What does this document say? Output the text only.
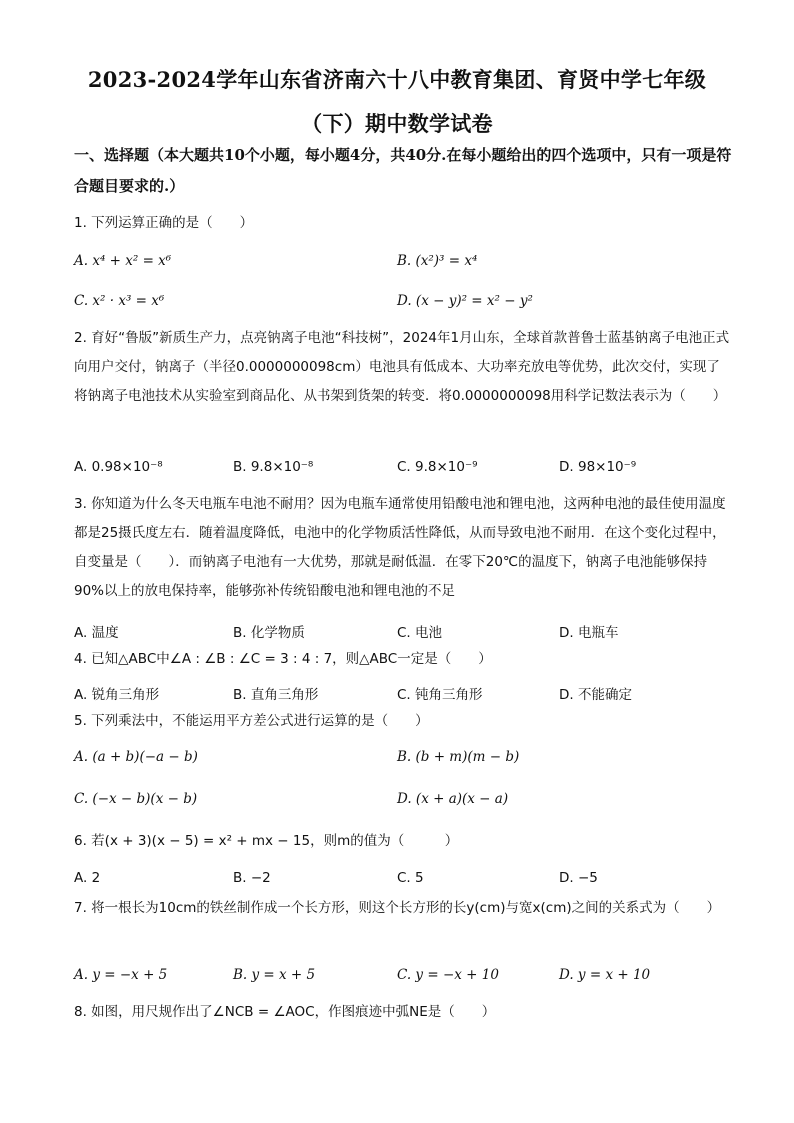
2023-2024学年山东省济南六十八中教育集团、育贤中学七年级
（下）期中数学试卷
一、选择题（本大题共10个小题，每小题4分，共40分.在每小题给出的四个选项中，只有一项是符合题目要求的.）
1. 下列运算正确的是（　　）
A. x⁴ + x² = x⁶	B. (x²)³ = x⁴
C. x² · x³ = x⁶	D. (x − y)² = x² − y²
2. 育好“鲁版”新质生产力，点亮钠离子电池“科技树”，2024年1月山东，全球首款普鲁士蓝基钠离子电池正式向用户交付，钠离子（半径0.0000000098cm）电池具有低成本、大功率充放电等优势，此次交付，实现了将钠离子电池技术从实验室到商品化、从书架到货架的转变．将0.0000000098用科学记数法表示为（　　）
A. 0.98×10⁻⁸	B. 9.8×10⁻⁸	C. 9.8×10⁻⁹	D. 98×10⁻⁹
3. 你知道为什么冬天电瓶车电池不耐用？因为电瓶车通常使用铅酸电池和锂电池，这两种电池的最佳使用温度都是25摄氏度左右．随着温度降低，电池中的化学物质活性降低，从而导致电池不耐用．在这个变化过程中，自变量是（　　）．而钠离子电池有一大优势，那就是耐低温．在零下20℃的温度下，钠离子电池能够保持90%以上的放电保持率，能够弥补传统铅酸电池和锂电池的不足
A. 温度	B. 化学物质	C. 电池	D. 电瓶车
4. 已知△ABC中∠A : ∠B : ∠C = 3 : 4 : 7，则△ABC一定是（　　）
A. 锐角三角形	B. 直角三角形	C. 钝角三角形	D. 不能确定
5. 下列乘法中，不能运用平方差公式进行运算的是（　　）
A. (a + b)(−a − b)	B. (b + m)(m − b)
C. (−x − b)(x − b)	D. (x + a)(x − a)
6. 若(x + 3)(x − 5) = x² + mx − 15，则m的值为（　　　）
A. 2	B. −2	C. 5	D. −5
7. 将一根长为10cm的铁丝制作成一个长方形，则这个长方形的长y(cm)与宽x(cm)之间的关系式为（　　）
A. y = −x + 5	B. y = x + 5	C. y = −x + 10	D. y = x + 10
8. 如图，用尺规作出了∠NCB = ∠AOC，作图痕迹中弧NE是（　　）
